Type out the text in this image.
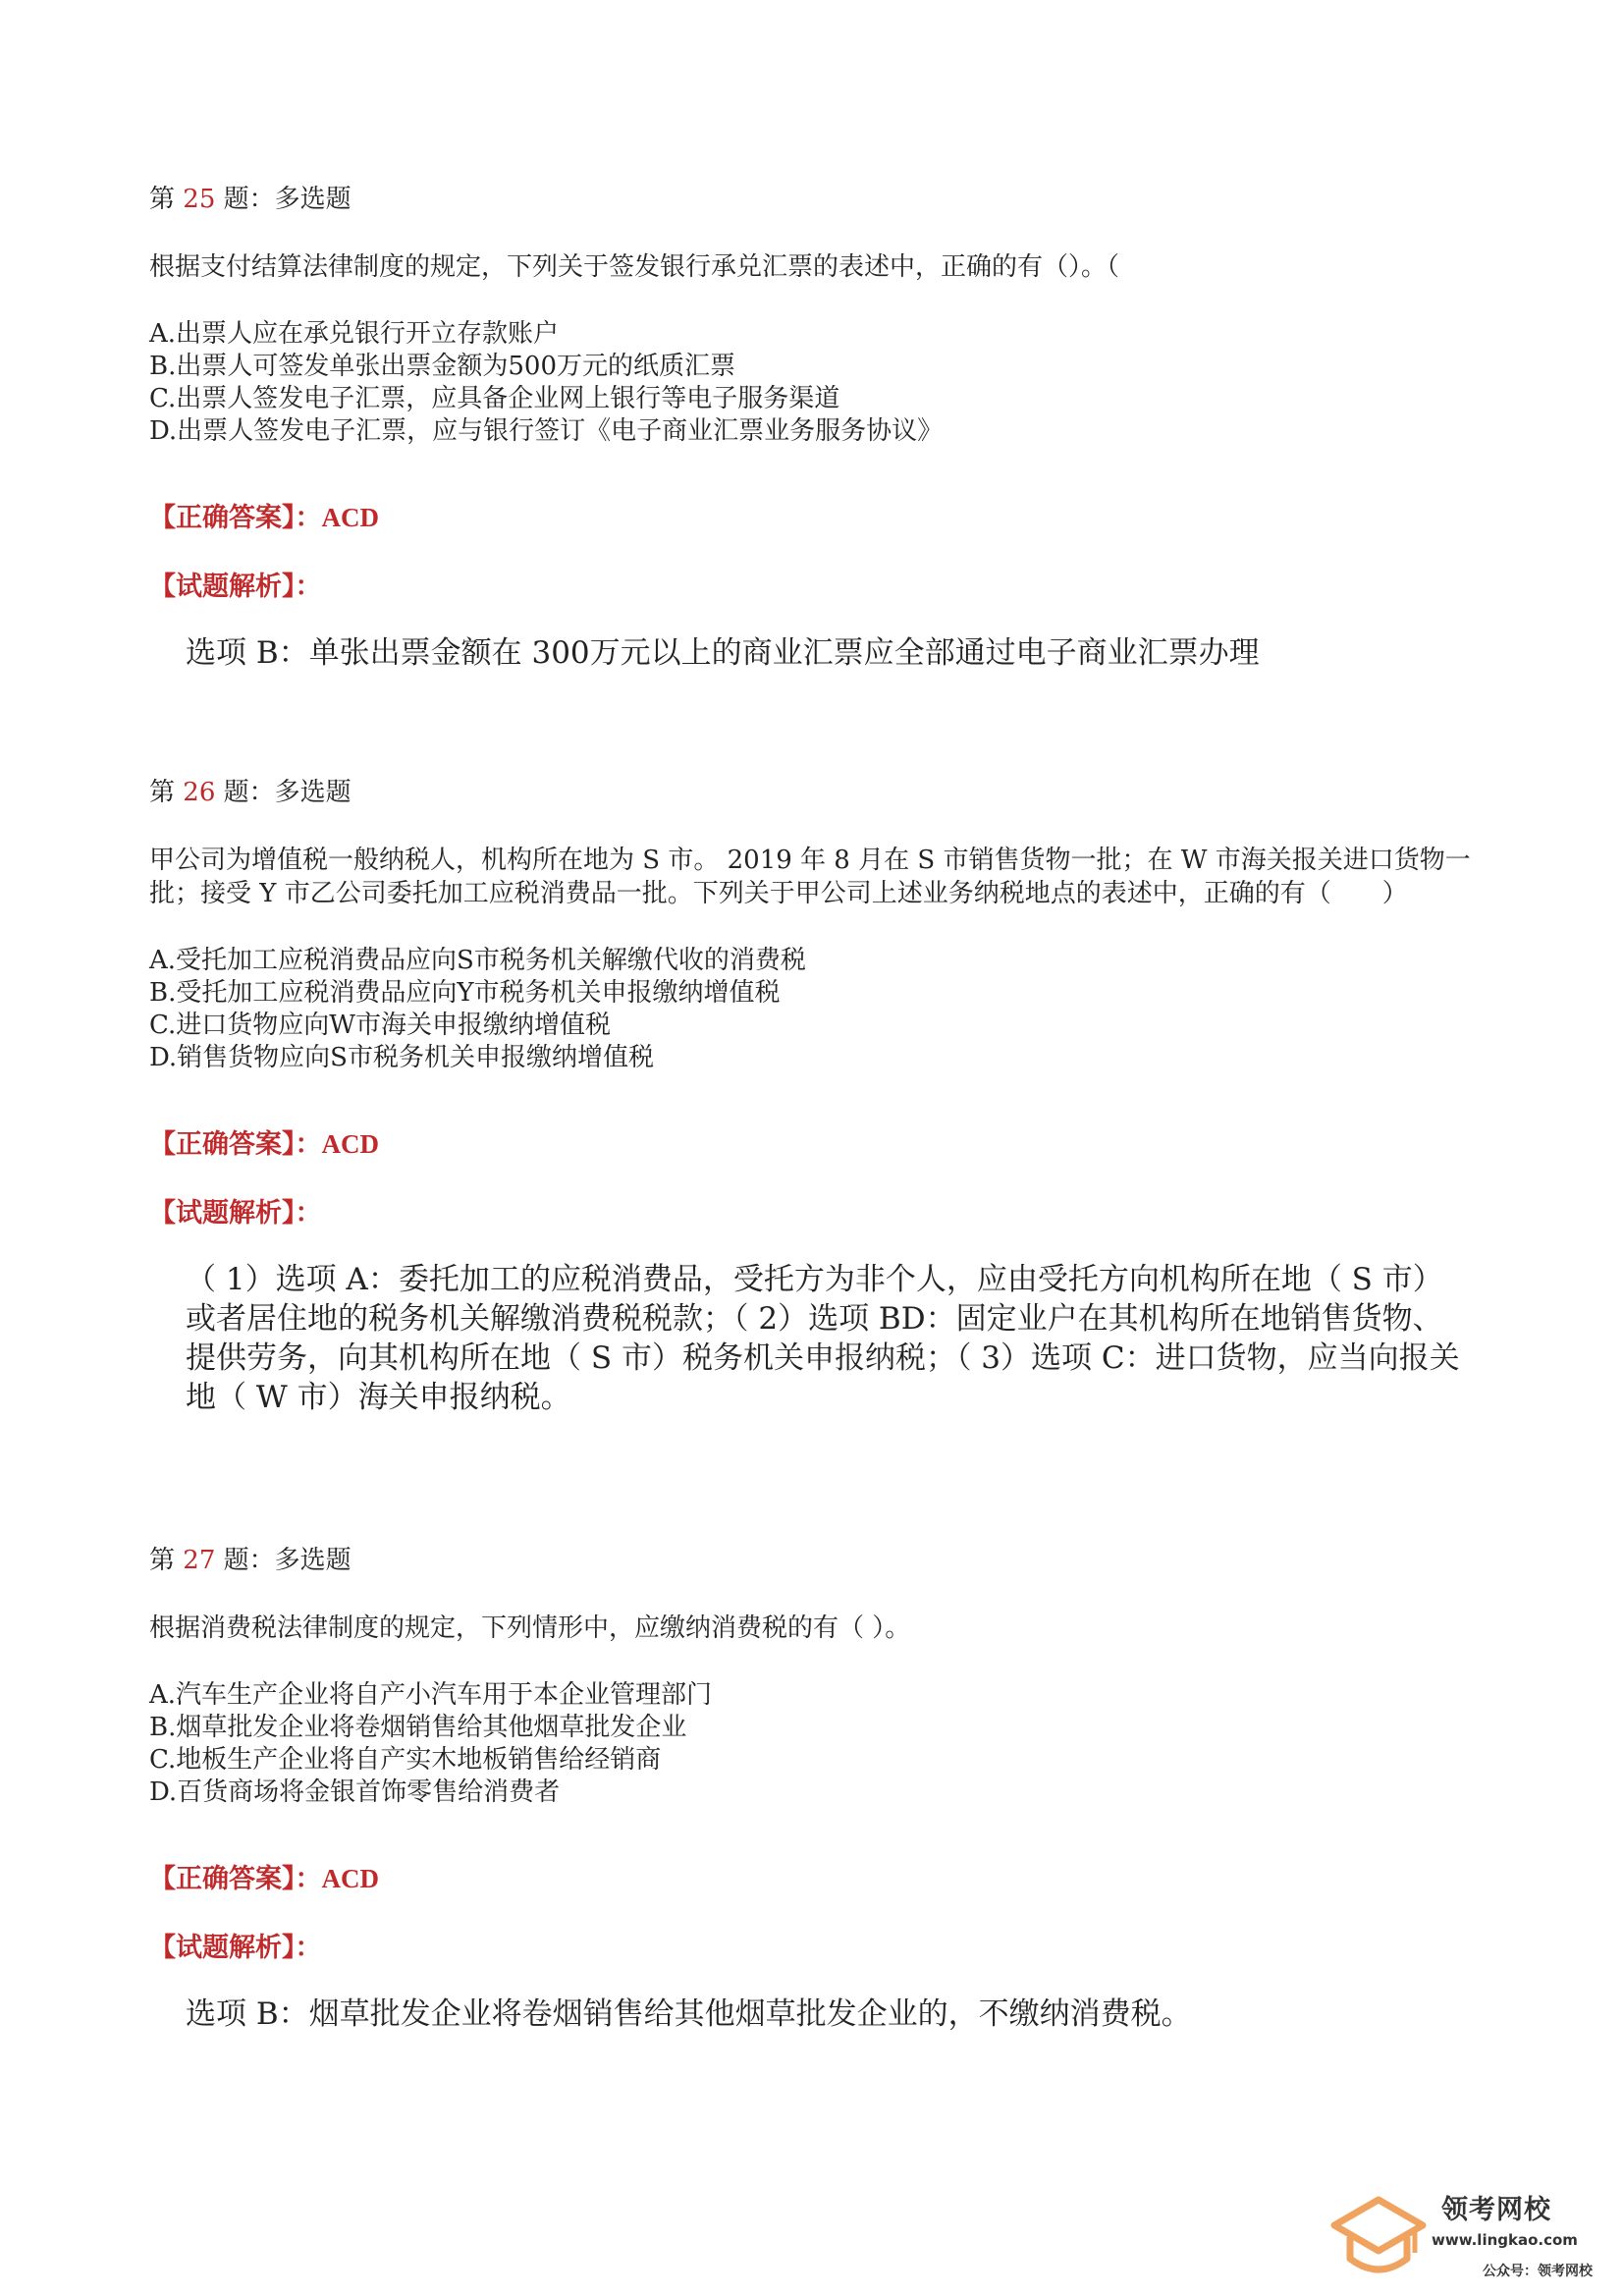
第 25 题：多选题

根据支付结算法律制度的规定，下列关于签发银行承兑汇票的表述中，正确的有（）。（

A.出票人应在承兑银行开立存款账户
B.出票人可签发单张出票金额为500万元的纸质汇票
C.出票人签发电子汇票，应具备企业网上银行等电子服务渠道
D.出票人签发电子汇票，应与银行签订《电子商业汇票业务服务协议》
【正确答案】：ACD
【试题解析】：
选项 B：单张出票金额在 300万元以上的商业汇票应全部通过电子商业汇票办理
第 26 题：多选题

甲公司为增值税一般纳税人，机构所在地为 S 市。 2019 年 8 月在 S 市销售货物一批；在 W 市海关报关进口货物一批；接受 Y 市乙公司委托加工应税消费品一批。下列关于甲公司上述业务纳税地点的表述中，正确的有（　　）

A.受托加工应税消费品应向S市税务机关解缴代收的消费税
B.受托加工应税消费品应向Y市税务机关申报缴纳增值税
C.进口货物应向W市海关申报缴纳增值税
D.销售货物应向S市税务机关申报缴纳增值税
【正确答案】：ACD
【试题解析】：
（ 1）选项 A：委托加工的应税消费品，受托方为非个人，应由受托方向机构所在地（ S 市）或者居住地的税务机关解缴消费税税款；（ 2）选项 BD：固定业户在其机构所在地销售货物、提供劳务，向其机构所在地（ S 市）税务机关申报纳税；（ 3）选项 C：进口货物，应当向报关地（ W 市）海关申报纳税。
第 27 题：多选题

根据消费税法律制度的规定，下列情形中，应缴纳消费税的有（ ）。

A.汽车生产企业将自产小汽车用于本企业管理部门
B.烟草批发企业将卷烟销售给其他烟草批发企业
C.地板生产企业将自产实木地板销售给经销商
D.百货商场将金银首饰零售给消费者
【正确答案】：ACD
【试题解析】：
选项 B：烟草批发企业将卷烟销售给其他烟草批发企业的，不缴纳消费税。
领考网校
www.lingkao.com
公众号：领考网校
